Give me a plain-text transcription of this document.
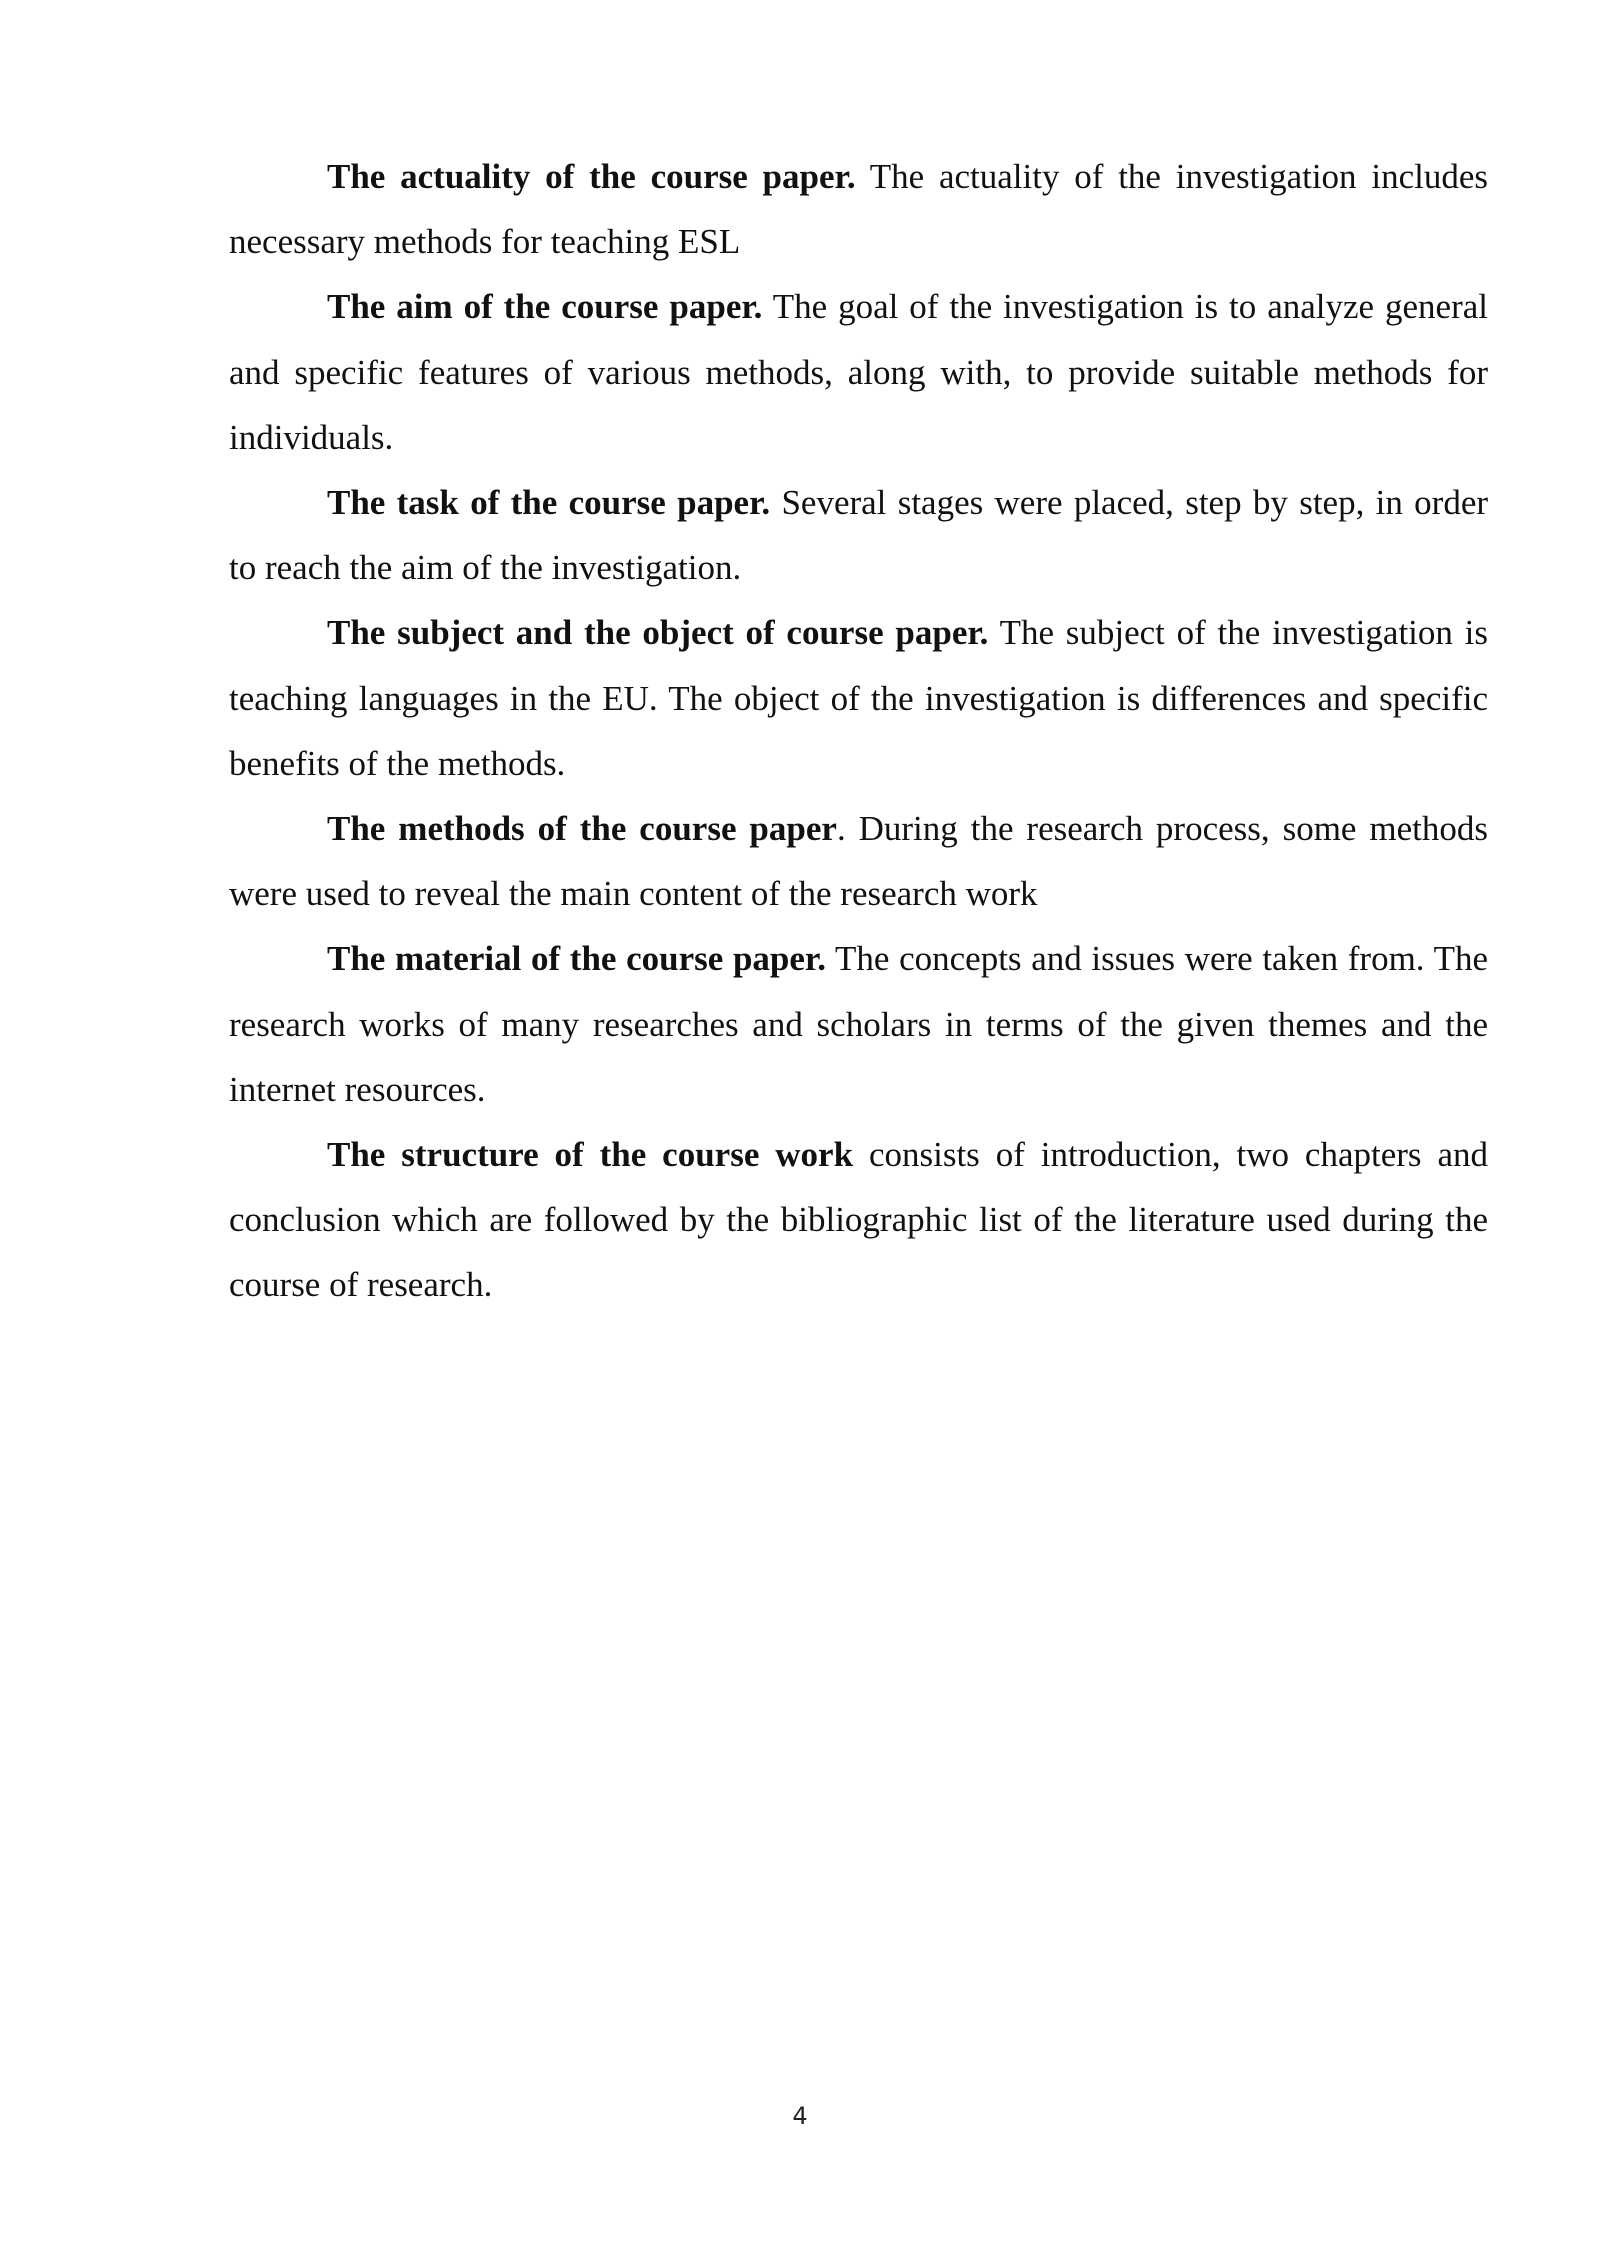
The actuality of the course paper. The actuality of the investigation includes necessary methods for teaching ESL

The aim of the course paper. The goal of the investigation is to analyze general and specific features of various methods, along with, to provide suitable methods for individuals.

The task of the course paper. Several stages were placed, step by step, in order to reach the aim of the investigation.

The subject and the object of course paper. The subject of the investigation is teaching languages in the EU. The object of the investigation is differences and specific benefits of the methods.

The methods of the course paper. During the research process, some methods were used to reveal the main content of the research work

The material of the course paper. The concepts and issues were taken from. The research works of many researches and scholars in terms of the given themes and the internet resources.

The structure of the course work consists of introduction, two chapters and conclusion which are followed by the bibliographic list of the literature used during the course of research.

4
